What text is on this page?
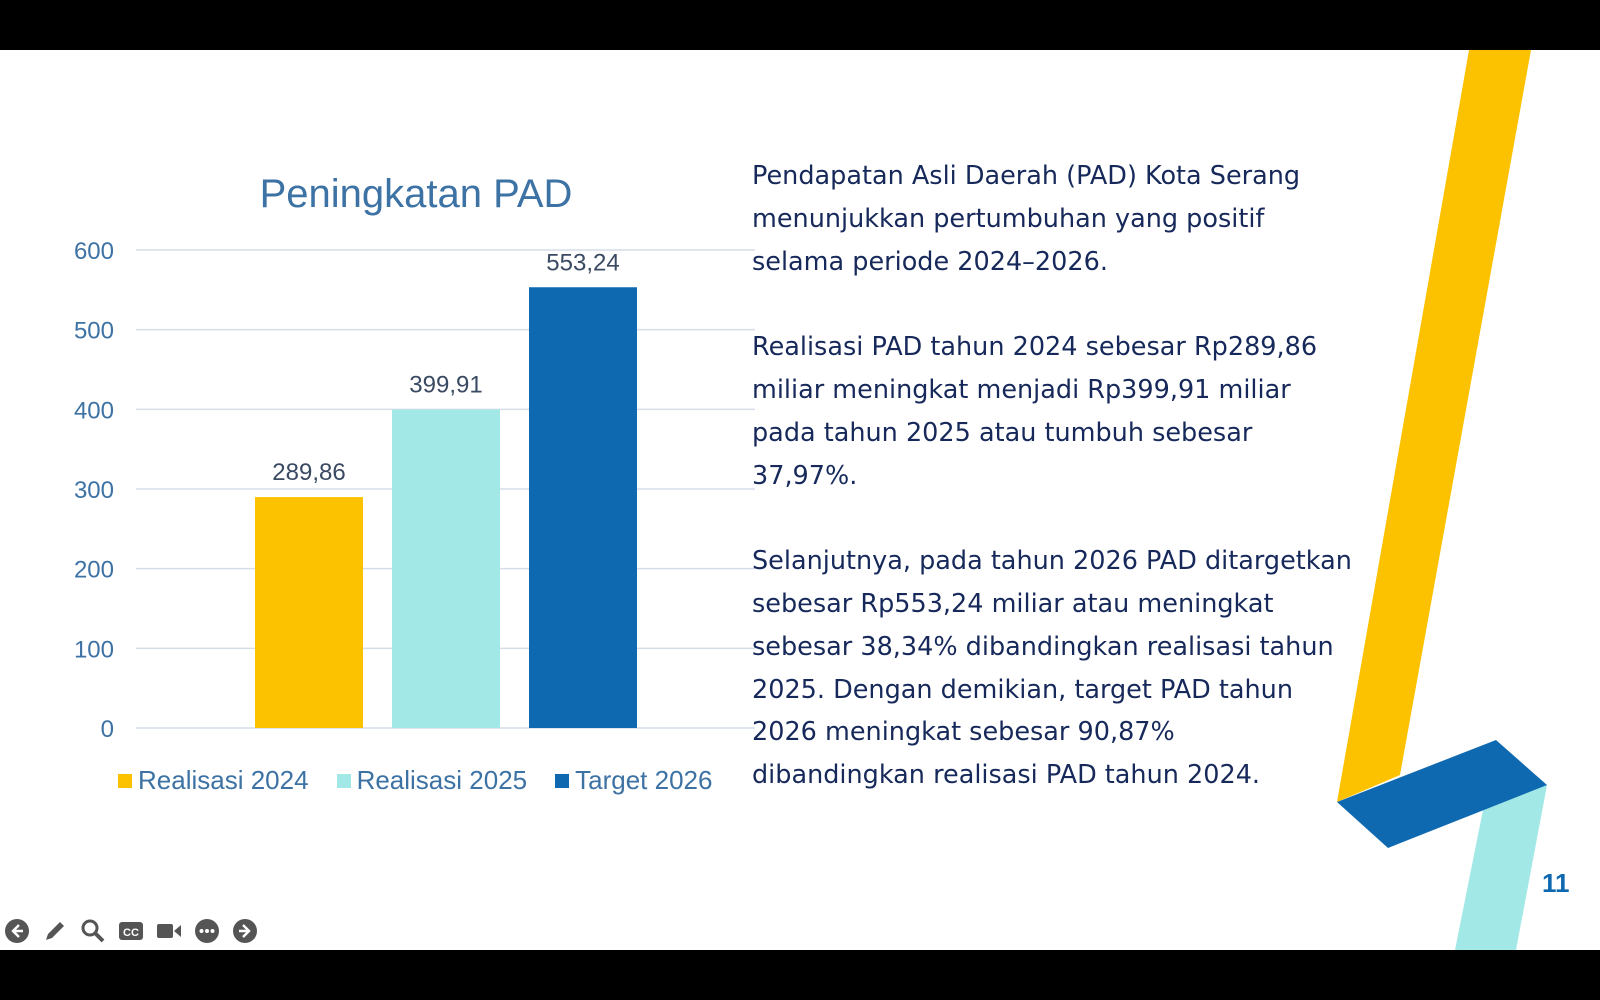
Peningkatan PAD
0
100
200
300
400
500
600
289,86
399,91
553,24
Realisasi 2024 Realisasi 2025 Target 2026

Pendapatan Asli Daerah (PAD) Kota Serang menunjukkan pertumbuhan yang positif selama periode 2024–2026.

Realisasi PAD tahun 2024 sebesar Rp289,86 miliar meningkat menjadi Rp399,91 miliar pada tahun 2025 atau tumbuh sebesar 37,97%.

Selanjutnya, pada tahun 2026 PAD ditargetkan sebesar Rp553,24 miliar atau meningkat sebesar 38,34% dibandingkan realisasi tahun 2025. Dengan demikian, target PAD tahun 2026 meningkat sebesar 90,87% dibandingkan realisasi PAD tahun 2024.

11
CC
